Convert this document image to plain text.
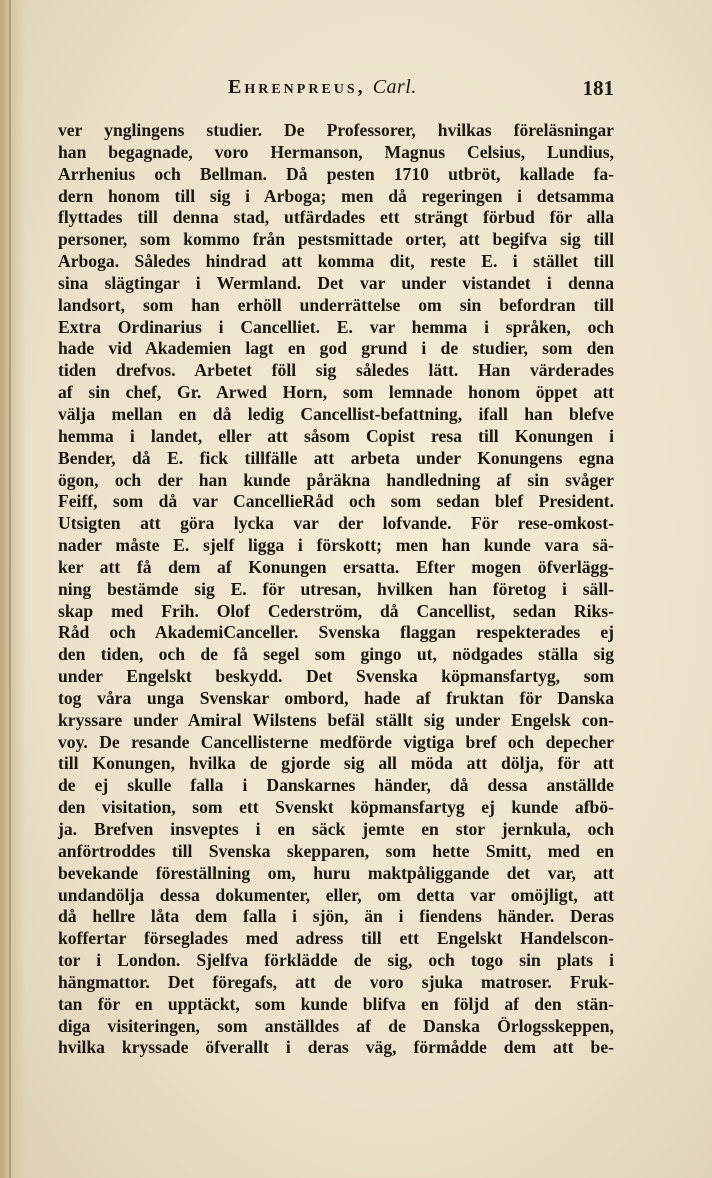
Ehrenpreus, Carl.	181
ver ynglingens studier. De Professorer, hvilkas föreläsningar
han begagnade, voro Hermanson, Magnus Celsius, Lundius,
Arrhenius och Bellman. Då pesten 1710 utbröt, kallade fa-
dern honom till sig i Arboga; men då regeringen i detsamma
flyttades till denna stad, utfärdades ett strängt förbud för alla
personer, som kommo från pestsmittade orter, att begifva sig till
Arboga. Således hindrad att komma dit, reste E. i stället till
sina slägtingar i Wermland. Det var under vistandet i denna
landsort, som han erhöll underrättelse om sin befordran till
Extra Ordinarius i Cancelliet. E. var hemma i språken, och
hade vid Akademien lagt en god grund i de studier, som den
tiden drefvos. Arbetet föll sig således lätt. Han värderades
af sin chef, Gr. Arwed Horn, som lemnade honom öppet att
välja mellan en då ledig Cancellist-befattning, ifall han blefve
hemma i landet, eller att såsom Copist resa till Konungen i
Bender, då E. fick tillfälle att arbeta under Konungens egna
ögon, och der han kunde påräkna handledning af sin svåger
Feiff, som då var CancellieRåd och som sedan blef President.
Utsigten att göra lycka var der lofvande. För rese-omkost-
nader måste E. sjelf ligga i förskott; men han kunde vara sä-
ker att få dem af Konungen ersatta. Efter mogen öfverlägg-
ning bestämde sig E. för utresan, hvilken han företog i säll-
skap med Frih. Olof Cederström, då Cancellist, sedan Riks-
Råd och AkademiCanceller. Svenska flaggan respekterades ej
den tiden, och de få segel som gingo ut, nödgades ställa sig
under Engelskt beskydd. Det Svenska köpmansfartyg, som
tog våra unga Svenskar ombord, hade af fruktan för Danska
kryssare under Amiral Wilstens befäl ställt sig under Engelsk con-
voy. De resande Cancellisterne medförde vigtiga bref och depecher
till Konungen, hvilka de gjorde sig all möda att dölja, för att
de ej skulle falla i Danskarnes händer, då dessa anställde
den visitation, som ett Svenskt köpmansfartyg ej kunde afbö-
ja. Brefven insveptes i en säck jemte en stor jernkula, och
anförtroddes till Svenska skepparen, som hette Smitt, med en
bevekande föreställning om, huru maktpåliggande det var, att
undandölja dessa dokumenter, eller, om detta var omöjligt, att
då hellre låta dem falla i sjön, än i fiendens händer. Deras
koffertar förseglades med adress till ett Engelskt Handelscon-
tor i London. Sjelfva förklädde de sig, och togo sin plats i
hängmattor. Det föregafs, att de voro sjuka matroser. Fruk-
tan för en upptäckt, som kunde blifva en följd af den stän-
diga visiteringen, som anställdes af de Danska Örlogsskeppen,
hvilka kryssade öfverallt i deras väg, förmådde dem att be-
